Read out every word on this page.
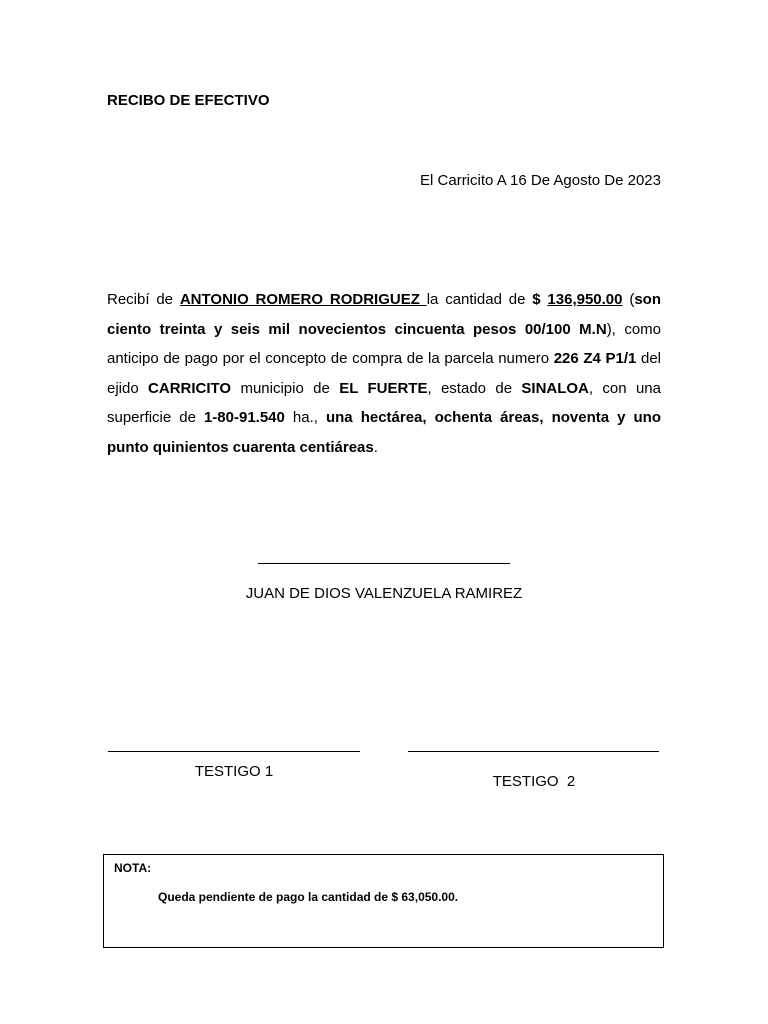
RECIBO DE EFECTIVO
El Carricito A 16 De Agosto De 2023
Recibí de ANTONIO ROMERO RODRIGUEZ la cantidad de $ 136,950.00 (son ciento treinta y seis mil novecientos cincuenta pesos 00/100 M.N), como anticipo de pago por el concepto de compra de la parcela numero 226 Z4 P1/1 del ejido CARRICITO municipio de EL FUERTE, estado de SINALOA, con una superficie de 1-80-91.540 ha., una hectárea, ochenta áreas, noventa y uno punto quinientos cuarenta centiáreas.
JUAN DE DIOS VALENZUELA RAMIREZ
TESTIGO 1
TESTIGO  2
NOTA:
Queda pendiente de pago la cantidad de $ 63,050.00.
